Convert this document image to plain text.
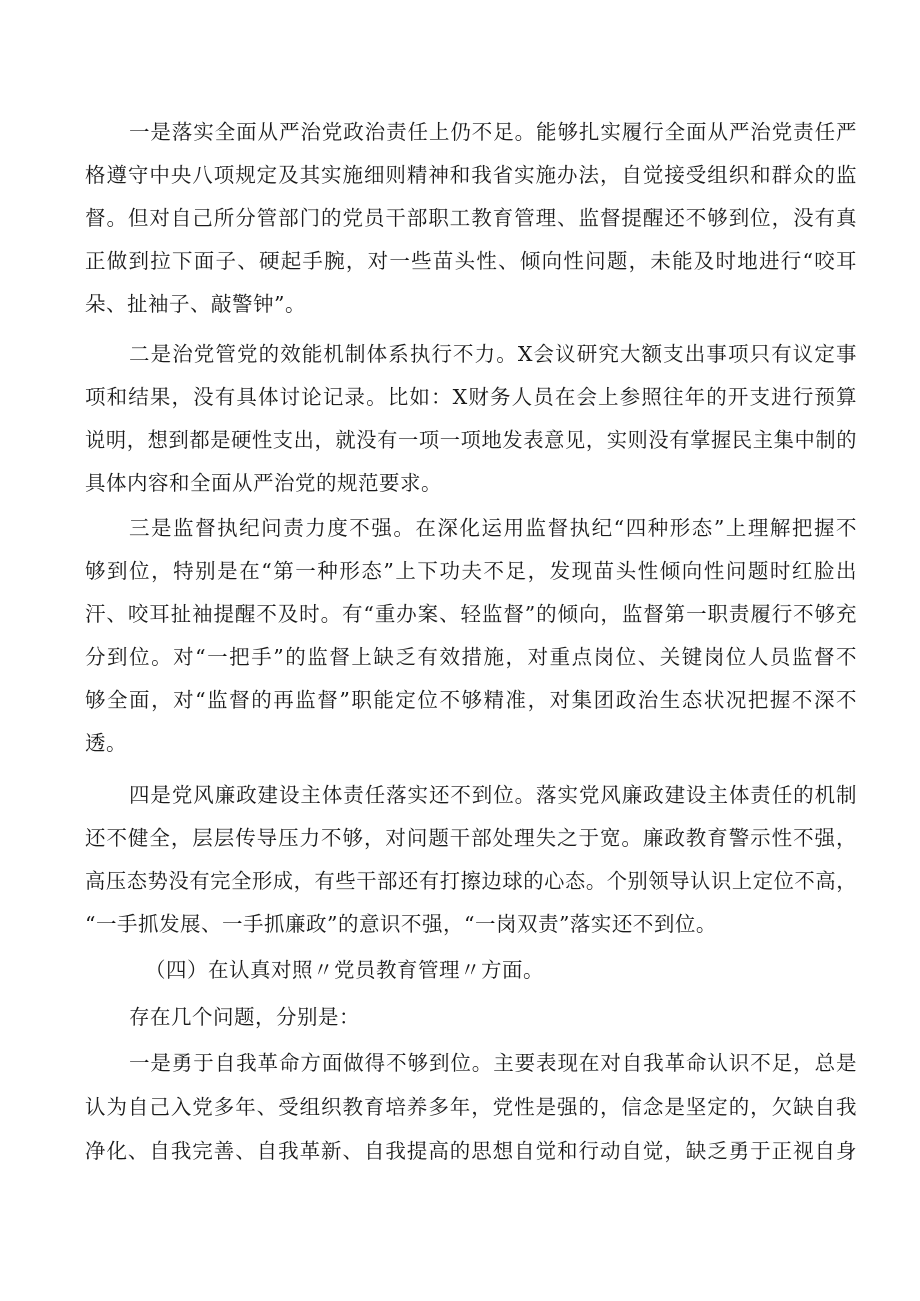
一是落实全面从严治党政治责任上仍不足。能够扎实履行全面从严治党责任严
格遵守中央八项规定及其实施细则精神和我省实施办法，自觉接受组织和群众的监
督。但对自己所分管部门的党员干部职工教育管理、监督提醒还不够到位，没有真
正做到拉下面子、硬起手腕，对一些苗头性、倾向性问题，未能及时地进行“咬耳
朵、扯袖子、敲警钟”。
二是治党管党的效能机制体系执行不力。X会议研究大额支出事项只有议定事
项和结果，没有具体讨论记录。比如：X财务人员在会上参照往年的开支进行预算
说明，想到都是硬性支出，就没有一项一项地发表意见，实则没有掌握民主集中制的
具体内容和全面从严治党的规范要求。
三是监督执纪问责力度不强。在深化运用监督执纪“四种形态”上理解把握不
够到位，特别是在“第一种形态”上下功夫不足，发现苗头性倾向性问题时红脸出
汗、咬耳扯袖提醒不及时。有“重办案、轻监督”的倾向，监督第一职责履行不够充
分到位。对“一把手”的监督上缺乏有效措施，对重点岗位、关键岗位人员监督不
够全面，对“监督的再监督”职能定位不够精准，对集团政治生态状况把握不深不
透。
四是党风廉政建设主体责任落实还不到位。落实党风廉政建设主体责任的机制
还不健全，层层传导压力不够，对问题干部处理失之于宽。廉政教育警示性不强，
高压态势没有完全形成，有些干部还有打擦边球的心态。个别领导认识上定位不高，
“一手抓发展、一手抓廉政”的意识不强，“一岗双责”落实还不到位。
（四）在认真对照〃党员教育管理〃方面。
存在几个问题，分别是：
一是勇于自我革命方面做得不够到位。主要表现在对自我革命认识不足，总是
认为自己入党多年、受组织教育培养多年，党性是强的，信念是坚定的，欠缺自我
净化、自我完善、自我革新、自我提高的思想自觉和行动自觉，缺乏勇于正视自身
